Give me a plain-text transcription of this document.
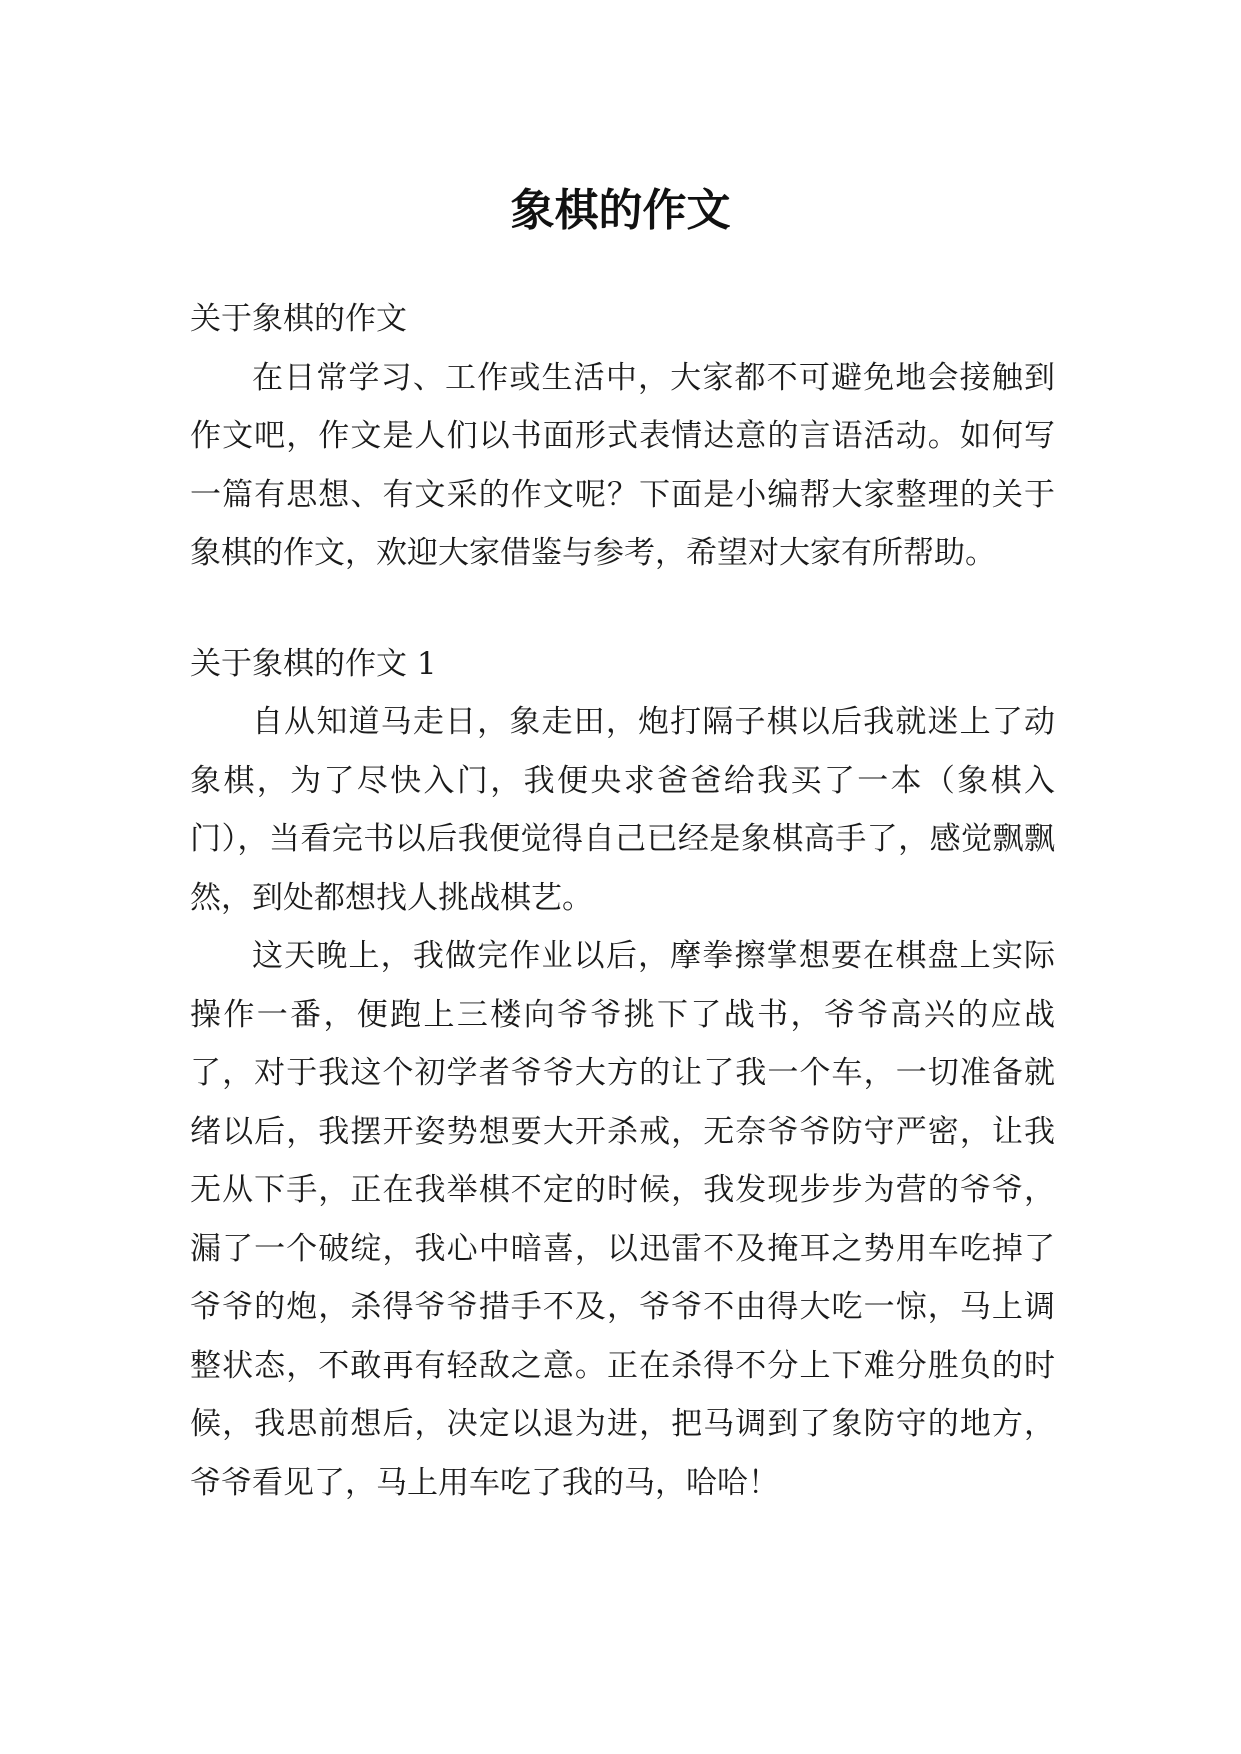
象棋的作文

关于象棋的作文

在日常学习、工作或生活中，大家都不可避免地会接触到作文吧，作文是人们以书面形式表情达意的言语活动。如何写一篇有思想、有文采的作文呢？下面是小编帮大家整理的关于象棋的作文，欢迎大家借鉴与参考，希望对大家有所帮助。

关于象棋的作文 1

自从知道马走日，象走田，炮打隔子棋以后我就迷上了动象棋，为了尽快入门，我便央求爸爸给我买了一本（象棋入门），当看完书以后我便觉得自己已经是象棋高手了，感觉飘飘然，到处都想找人挑战棋艺。

这天晚上，我做完作业以后，摩拳擦掌想要在棋盘上实际操作一番，便跑上三楼向爷爷挑下了战书，爷爷高兴的应战了，对于我这个初学者爷爷大方的让了我一个车，一切准备就绪以后，我摆开姿势想要大开杀戒，无奈爷爷防守严密，让我无从下手，正在我举棋不定的时候，我发现步步为营的爷爷，漏了一个破绽，我心中暗喜，以迅雷不及掩耳之势用车吃掉了爷爷的炮，杀得爷爷措手不及，爷爷不由得大吃一惊，马上调整状态，不敢再有轻敌之意。正在杀得不分上下难分胜负的时候，我思前想后，决定以退为进，把马调到了象防守的地方，爷爷看见了，马上用车吃了我的马，哈哈！
